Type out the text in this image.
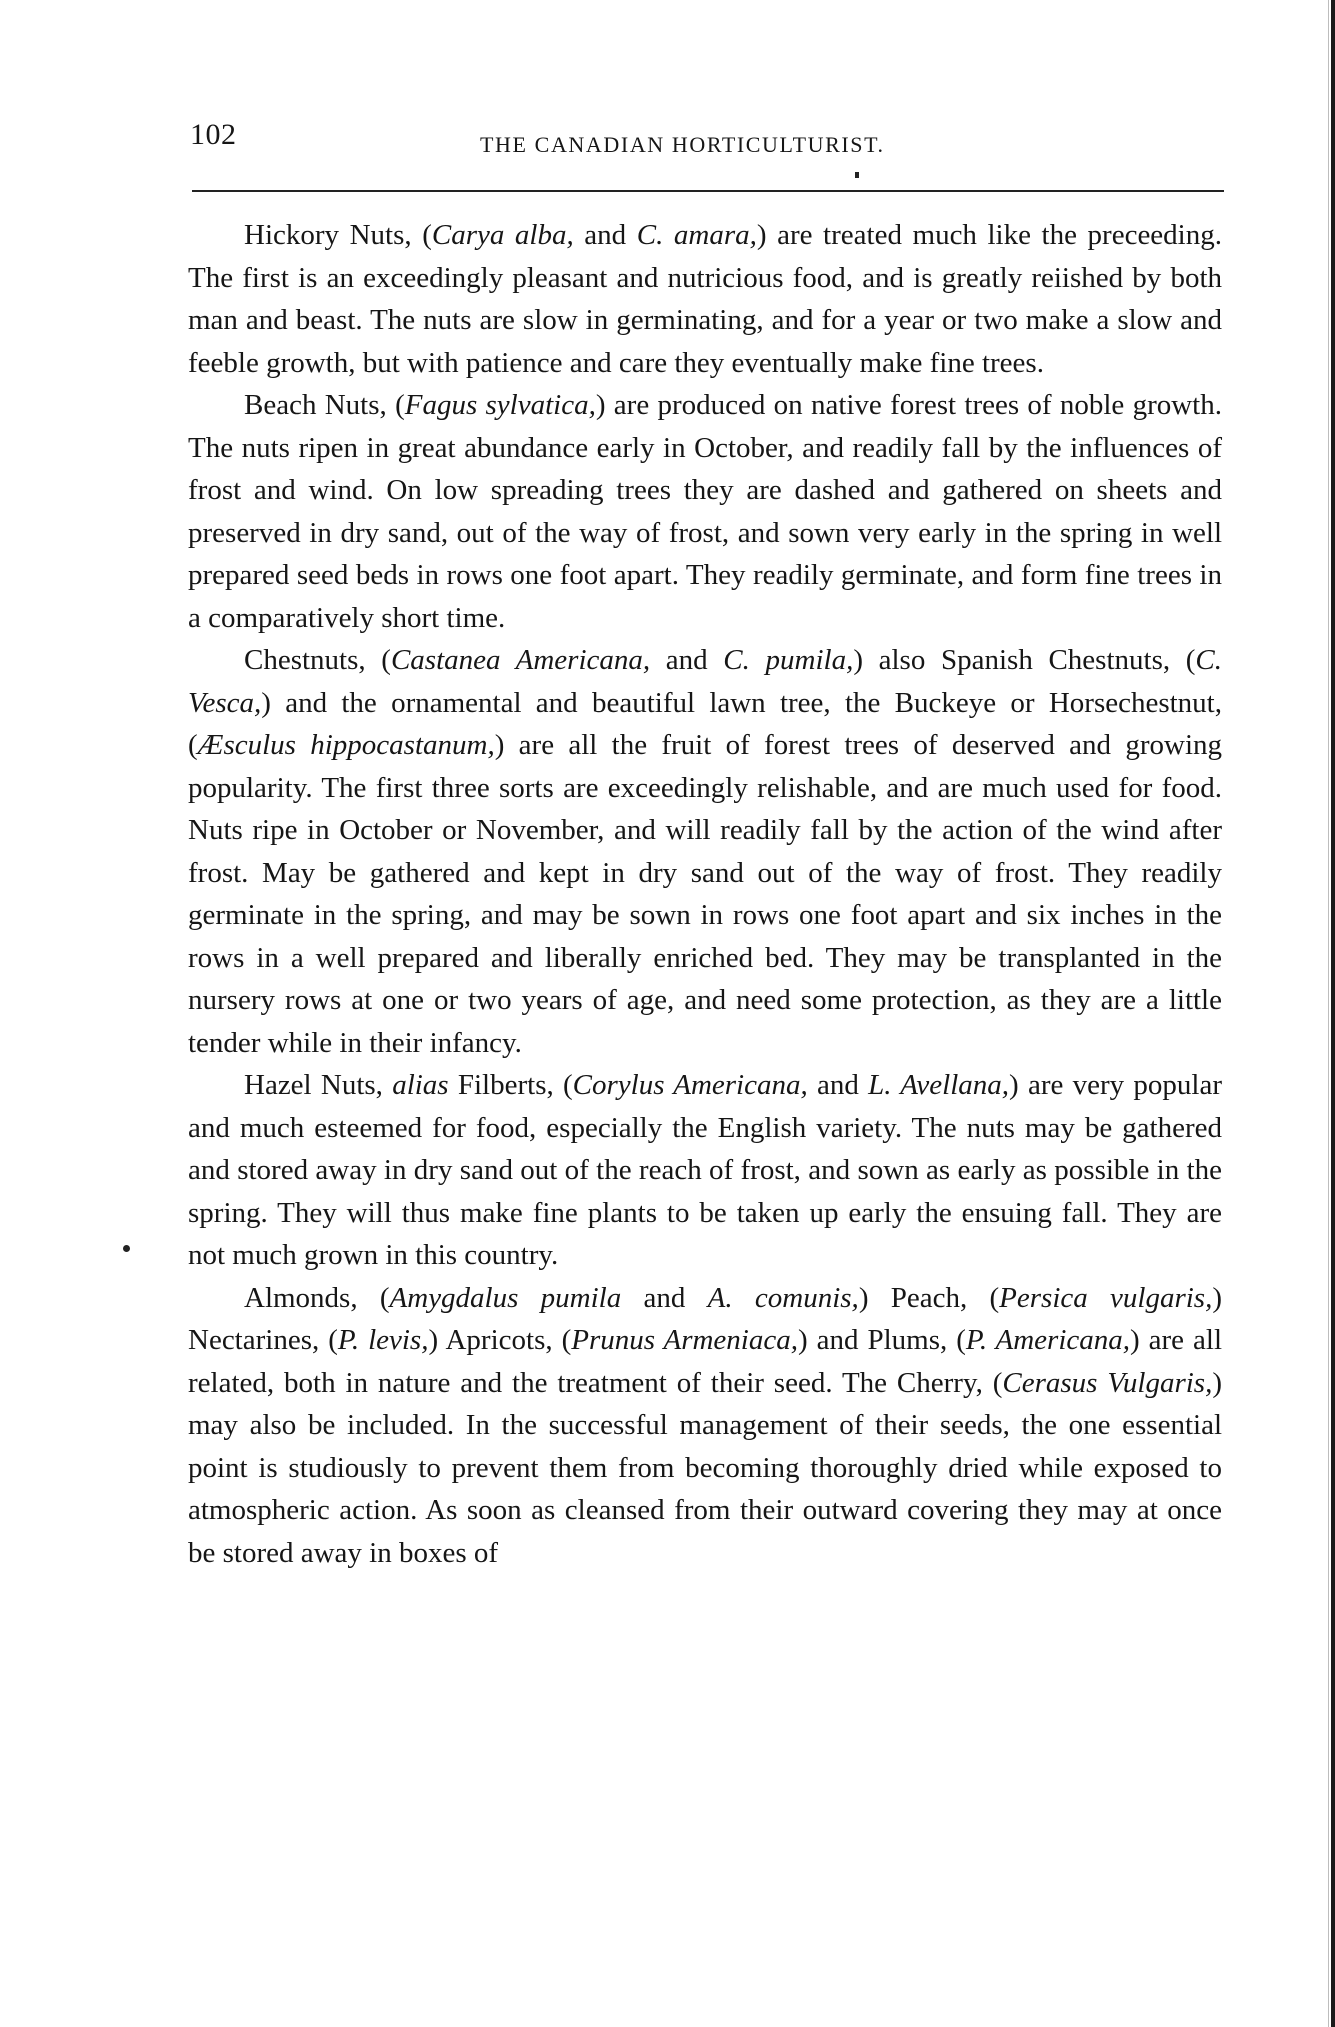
102	THE CANADIAN HORTICULTURIST.

Hickory Nuts, (Carya alba, and C. amara,) are treated much like the preceeding. The first is an exceedingly pleasant and nutricious food, and is greatly reiished by both man and beast. The nuts are slow in germinating, and for a year or two make a slow and feeble growth, but with patience and care they eventually make fine trees.

Beach Nuts, (Fagus sylvatica,) are produced on native forest trees of noble growth. The nuts ripen in great abundance early in October, and readily fall by the influences of frost and wind. On low spreading trees they are dashed and gathered on sheets and preserved in dry sand, out of the way of frost, and sown very early in the spring in well prepared seed beds in rows one foot apart. They readily germinate, and form fine trees in a comparatively short time.

Chestnuts, (Castanea Americana, and C. pumila,) also Spanish Chestnuts, (C. Vesca,) and the ornamental and beautiful lawn tree, the Buckeye or Horsechestnut, (Æsculus hippocastanum,) are all the fruit of forest trees of deserved and growing popularity. The first three sorts are exceedingly relishable, and are much used for food. Nuts ripe in October or November, and will readily fall by the action of the wind after frost. May be gathered and kept in dry sand out of the way of frost. They readily germinate in the spring, and may be sown in rows one foot apart and six inches in the rows in a well prepared and liberally enriched bed. They may be transplanted in the nursery rows at one or two years of age, and need some protection, as they are a little tender while in their infancy.

Hazel Nuts, alias Filberts, (Corylus Americana, and L. Avellana,) are very popular and much esteemed for food, especially the English variety. The nuts may be gathered and stored away in dry sand out of the reach of frost, and sown as early as possible in the spring. They will thus make fine plants to be taken up early the ensuing fall. They are not much grown in this country.

Almonds, (Amygdalus pumila and A. comunis,) Peach, (Persica vulgaris,) Nectarines, (P. levis,) Apricots, (Prunus Armeniaca,) and Plums, (P. Americana,) are all related, both in nature and the treatment of their seed. The Cherry, (Cerasus Vulgaris,) may also be included. In the successful management of their seeds, the one essential point is studiously to prevent them from becoming thoroughly dried while exposed to atmospheric action. As soon as cleansed from their outward covering they may at once be stored away in boxes of
